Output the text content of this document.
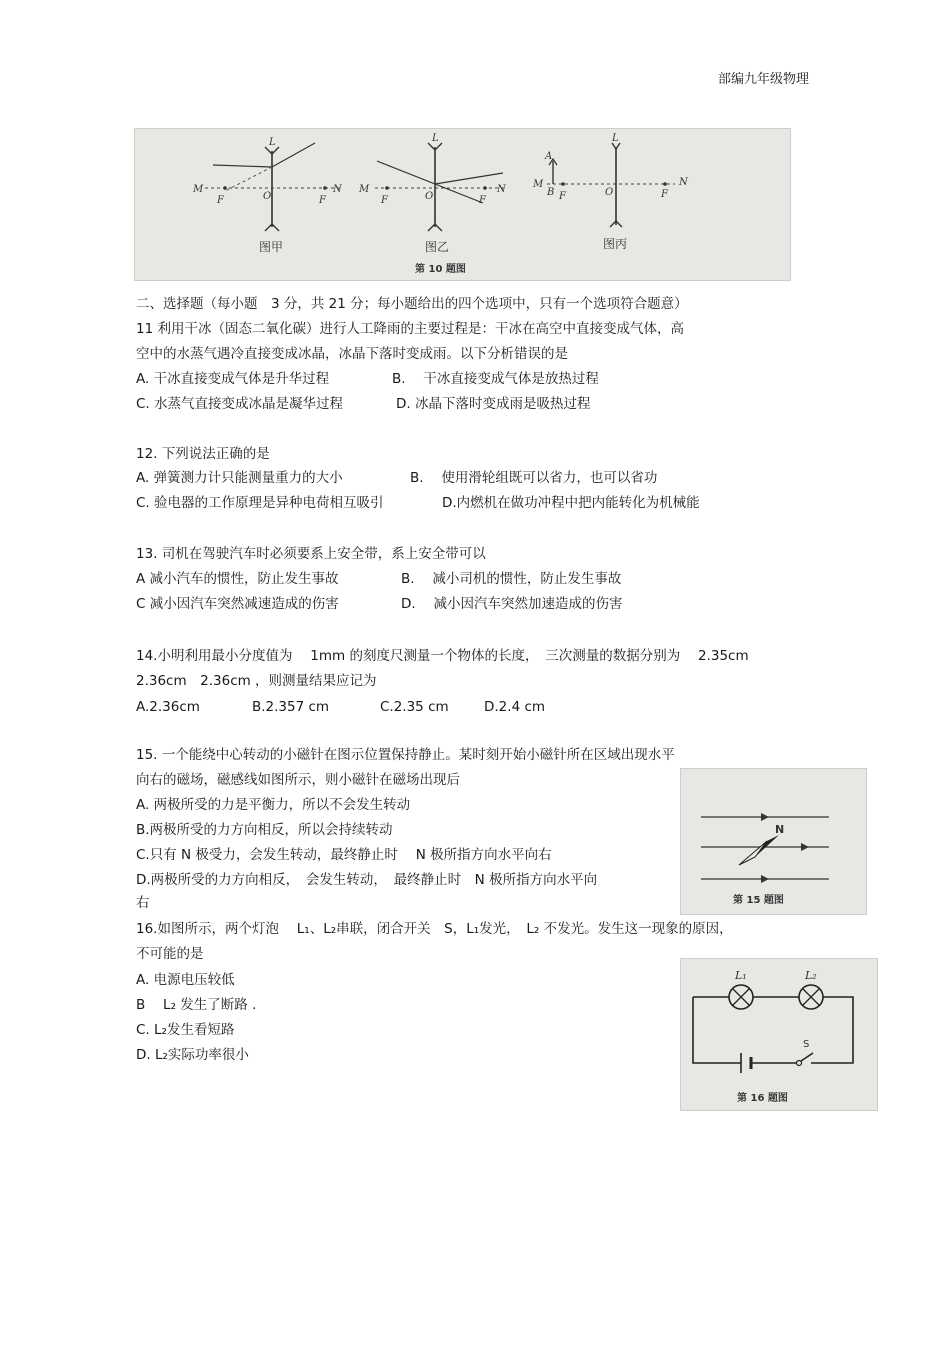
部编九年级物理
M
F	O	F
N
L
M
F	O	F
N
L
M
A
B F	O	F
N
L
图甲	图乙	图丙
第 10 题图
二、选择题（每小题　3 分，共 21 分；每小题给出的四个选项中，只有一个选项符合题意）
11 利用干冰（固态二氧化碳）进行人工降雨的主要过程是：干冰在高空中直接变成气体，高
空中的水蒸气遇冷直接变成冰晶，冰晶下落时变成雨。以下分析错误的是
A. 干冰直接变成气体是升华过程	B.　 干冰直接变成气体是放热过程
C. 水蒸气直接变成冰晶是凝华过程	D. 冰晶下落时变成雨是吸热过程
12. 下列说法正确的是
A. 弹簧测力计只能测量重力的大小	B.　 使用滑轮组既可以省力，也可以省功
C. 验电器的工作原理是异种电荷相互吸引	D.内燃机在做功冲程中把内能转化为机械能
13. 司机在驾驶汽车时必须要系上安全带，系上安全带可以
A 减小汽车的惯性，防止发生事故	B.　 减小司机的惯性，防止发生事故
C 减小因汽车突然减速造成的伤害	D.　 减小因汽车突然加速造成的伤害
14.小明利用最小分度值为　 1mm 的刻度尺测量一个物体的长度，　三次测量的数据分别为　 2.35cm
2.36cm　2.36cm ，则测量结果应记为
A.2.36cm	B.2.357 cm	C.2.35 cm	D.2.4 cm
15. 一个能绕中心转动的小磁针在图示位置保持静止。某时刻开始小磁针所在区域出现水平
向右的磁场，磁感线如图所示，则小磁针在磁场出现后
A. 两极所受的力是平衡力，所以不会发生转动
B.两极所受的力方向相反，所以会持续转动
C.只有 N 极受力，会发生转动，最终静止时　 N 极所指方向水平向右
D.两极所受的力方向相反，　会发生转动，　最终静止时　N 极所指方向水平向
右
N
第 15 题图
16.如图所示，两个灯泡　 L₁、L₂串联，闭合开关　S，L₁发光，　L₂ 不发光。发生这一现象的原因，
不可能的是
A. 电源电压较低
B　 L₂ 发生了断路 .
C. L₂发生看短路
D. L₂实际功率很小
L₁	L₂
S
第 16 题图
